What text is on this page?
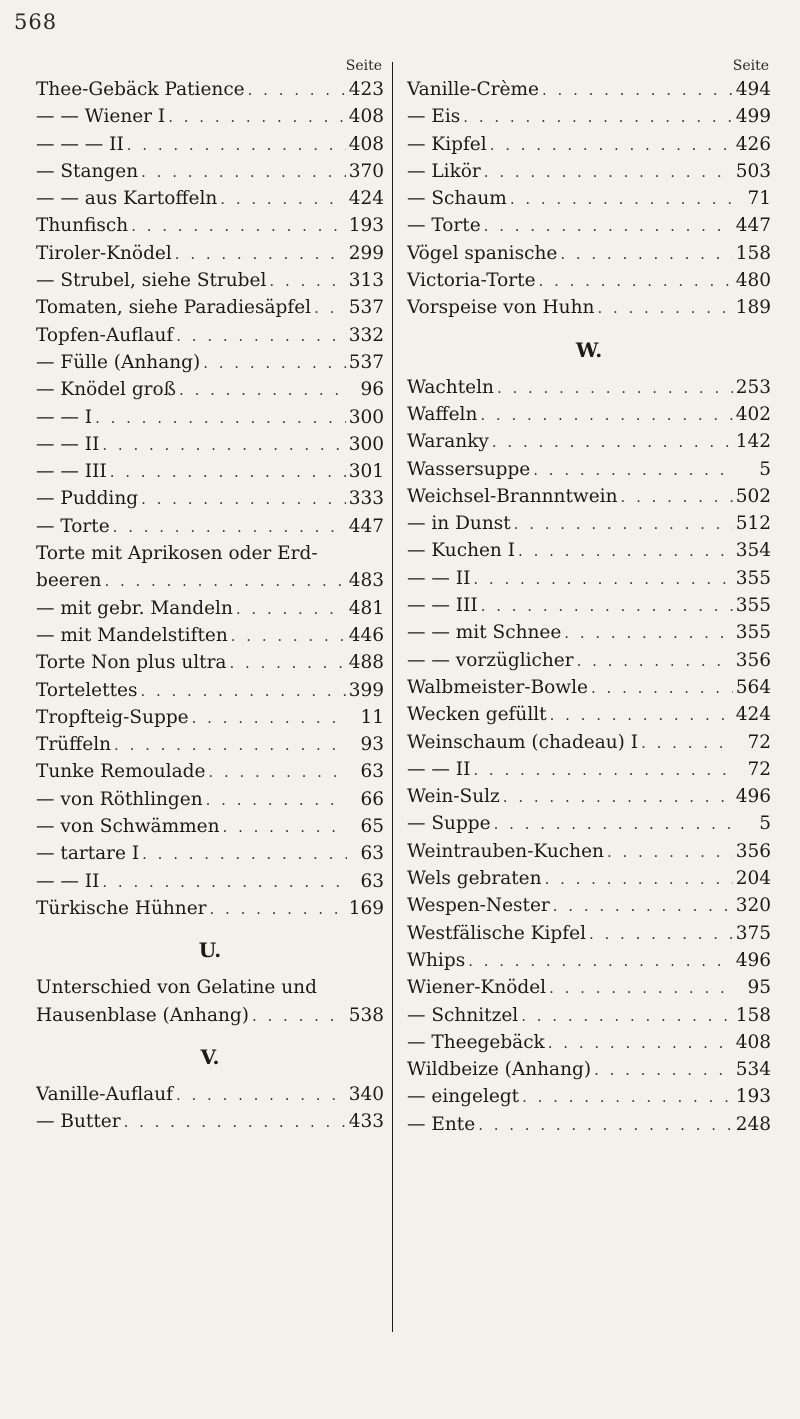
568
Seite
Thee-Gebäck Patience . . .	423
— — Wiener I . . .	408
— — — II . . .	408
— Stangen . . .	370
— — aus Kartoffeln . . .	424
Thunfisch . . .	193
Tiroler-Knödel . . .	299
— Strubel, siehe Strubel . . .	313
Tomaten, siehe Paradiesäpfel . . . 537
Topfen-Auflauf . . .	332
— Fülle (Anhang) . . .	537
— Knödel groß . . .	96
— — I . . .	300
— — II . . .	300
— — III . . .	301
— Pudding . . .	333
— Torte . . .	447
Torte mit Aprikosen oder Erd-
beeren . . .	483
— mit gebr. Mandeln . . .	481
— mit Mandelstiften . . .	446
Torte Non plus ultra . . .	488
Tortelettes . . .	399
Tropfteig-Suppe . . .	11
Trüffeln . . .	93
Tunke Remoulade . . .	63
— von Röthlingen . . .	66
— von Schwämmen . . .	65
— tartare I . . .	63
— — II . . .	63
Türkische Hühner . . .	169
U.
Unterschied von Gelatine und
Hausenblase (Anhang) . . .	538
V.
Vanille-Auflauf . . .	340
— Butter . . .	433
Seite
Vanille-Crème . . .	494
— Eis . . .	499
— Kipfel . . .	426
— Likör . . .	503
— Schaum . . .	71
— Torte . . .	447
Vögel spanische . . .	158
Victoria-Torte . . .	480
Vorspeise von Huhn . . .	189
W.
Wachteln . . .	253
Waffeln . . .	402
Waranky . . .	142
Wassersuppe . . .	5
Weichsel-Brannntwein . . .	502
— in Dunst . . .	512
— Kuchen I . . .	354
— — II . . .	355
— — III . . .	355
— — mit Schnee . . .	355
— — vorzüglicher . . .	356
Walbmeister-Bowle . . .	564
Wecken gefüllt . . .	424
Weinschaum (chadeau) I . . .	72
— — II . . .	72
Wein-Sulz . . .	496
— Suppe . . .	5
Weintrauben-Kuchen . . .	356
Wels gebraten . . .	204
Wespen-Nester . . .	320
Westfälische Kipfel . . .	375
Whips . . .	496
Wiener-Knödel . . .	95
— Schnitzel . . .	158
— Theegebäck . . .	408
Wildbeize (Anhang) . . .	534
— eingelegt . . .	193
— Ente . . .	248
